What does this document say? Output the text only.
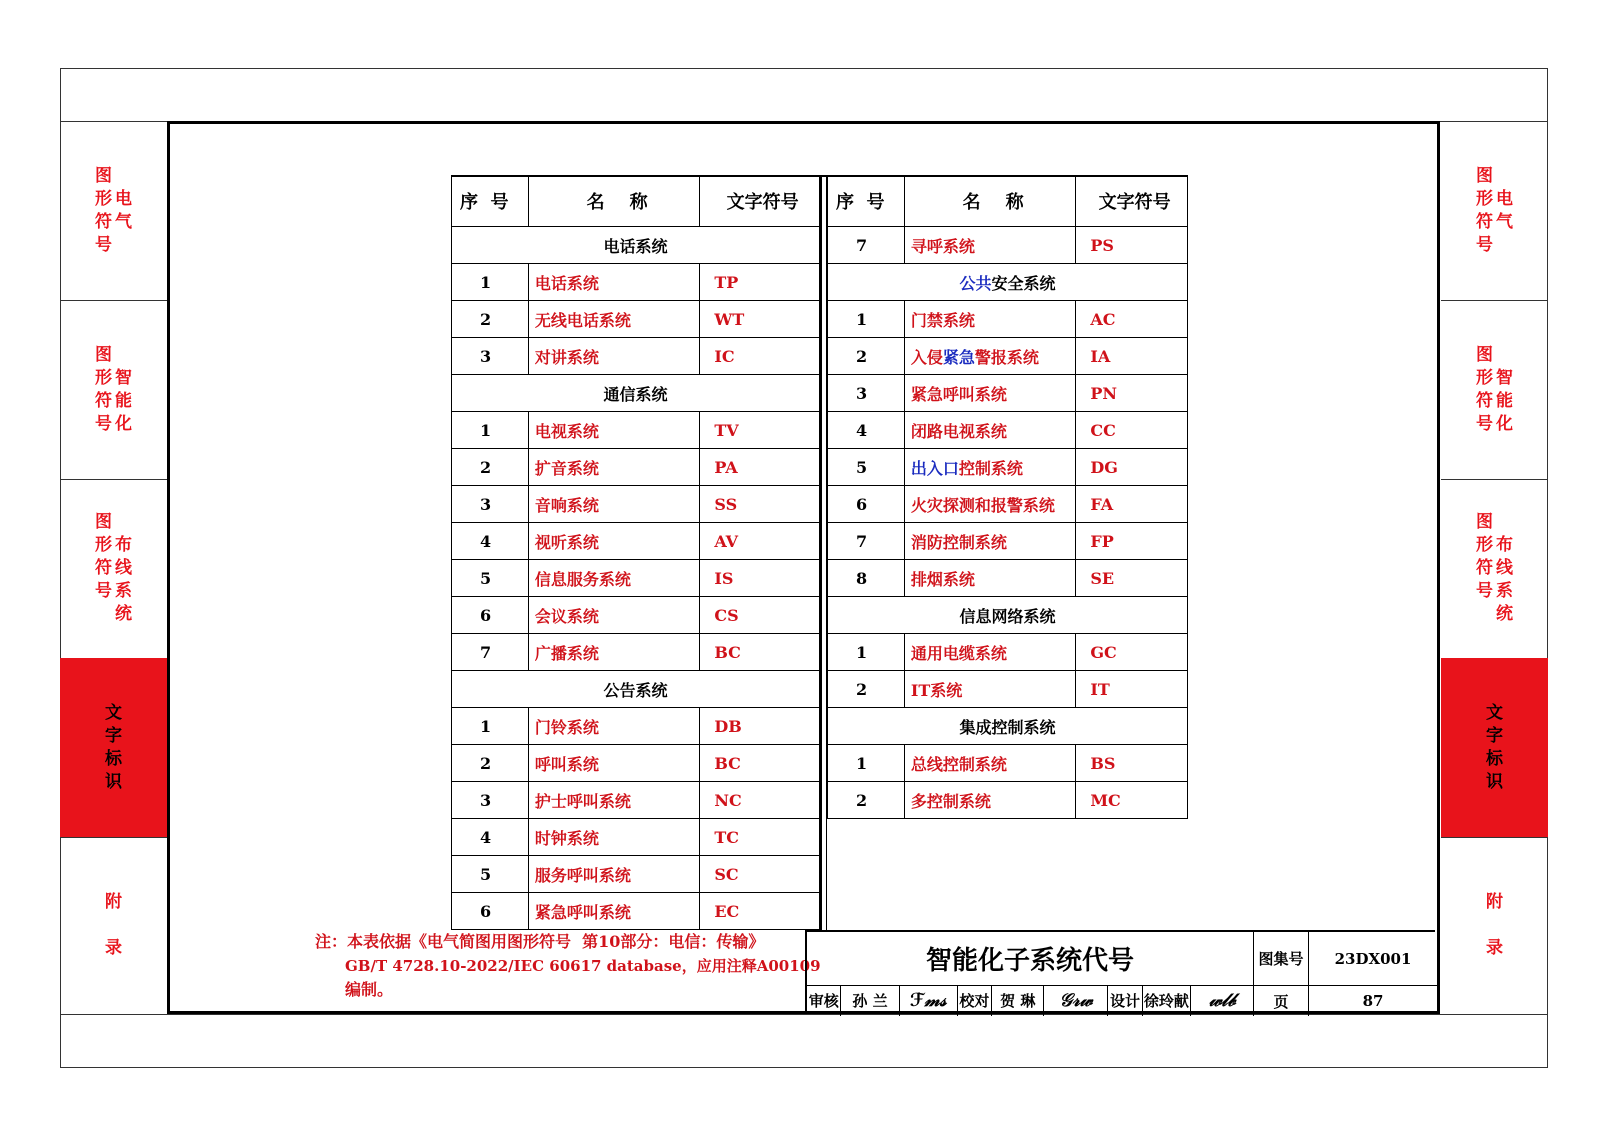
图
形
符
号
电
气
图
形
符
号
智
能
化
图
形
符
号
布
线
系
统
文
字
标
识
附
录
图
形
符
号
电
气
图
形
符
号
智
能
化
图
形
符
号
布
线
系
统
文
字
标
识
附
录
序  号	名    称	文字符号
电话系统		
1	电话系统	TP
2	无线电话系统	WT
3	对讲系统	IC
通信系统		
1	电视系统	TV
2	扩音系统	PA
3	音响系统	SS
4	视听系统	AV
5	信息服务系统	IS
6	会议系统	CS
7	广播系统	BC
公告系统		
1	门铃系统	DB
2	呼叫系统	BC
3	护士呼叫系统	NC
4	时钟系统	TC
5	服务呼叫系统	SC
6	紧急呼叫系统	EC
序  号	名    称	文字符号
7	寻呼系统	PS
公共安全系统		
1	门禁系统	AC
2	入侵紧急警报系统	IA
3	紧急呼叫系统	PN
4	闭路电视系统	CC
5	出入口控制系统	DG
6	火灾探测和报警系统	FA
7	消防控制系统	FP
8	排烟系统	SE
信息网络系统		
1	通用电缆系统	GC
2	IT系统	IT
集成控制系统		
1	总线控制系统	BS
2	多控制系统	MC
注：本表依据《电气简图用图形符号  第10部分：电信：传输》
GB/T 4728.10-2022/IEC 60617 database，应用注释A00109
编制。
智能化子系统代号	图集号	23DX001
审核 孙 兰	ℱ𝓂𝓈 校对 贺 琳	𝒢𝓇𝓌	设计 徐玲献	𝓌𝓁𝒷	页	87
